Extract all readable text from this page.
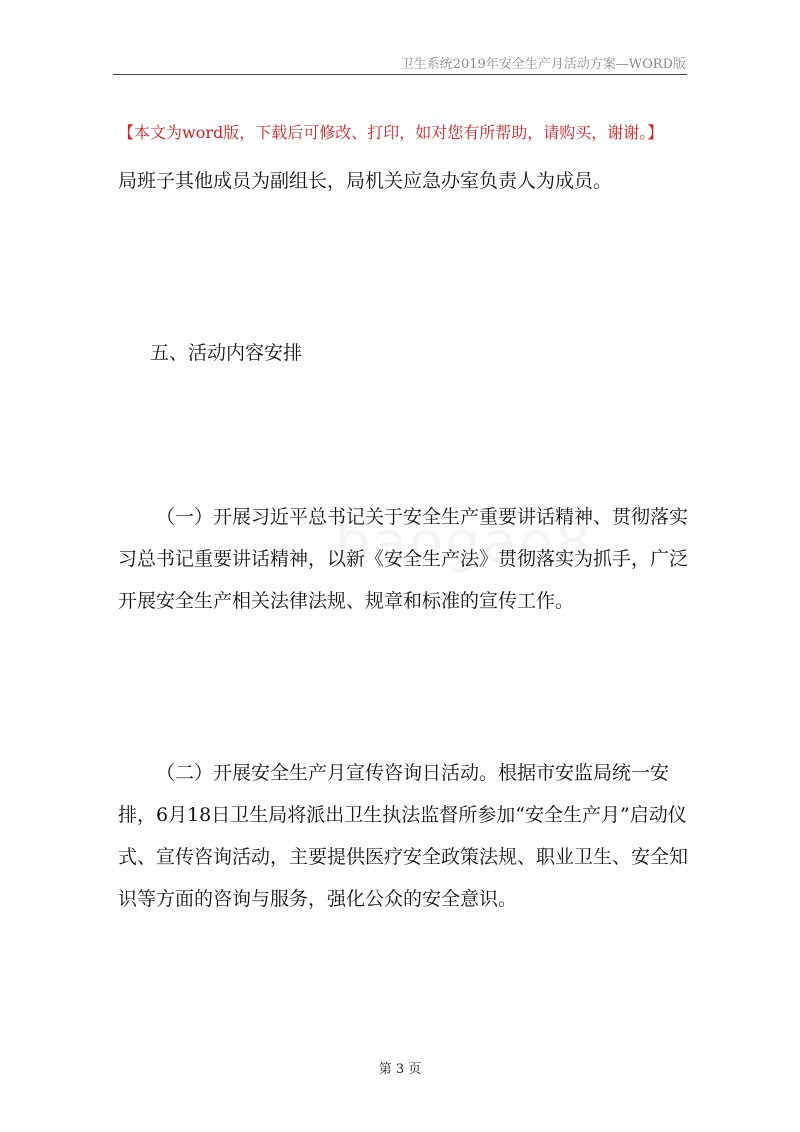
卫生系统2019年安全生产月活动方案—WORD版
【本文为word版，下载后可修改、打印，如对您有所帮助，请购买，谢谢。】

局班子其他成员为副组长，局机关应急办室负责人为成员。

五、活动内容安排

（一）开展习近平总书记关于安全生产重要讲话精神、贯彻落实习总书记重要讲话精神，以新《安全生产法》贯彻落实为抓手，广泛开展安全生产相关法律法规、规章和标准的宣传工作。

（二）开展安全生产月宣传咨询日活动。根据市安监局统一安排，6月18日卫生局将派出卫生执法监督所参加“安全生产月”启动仪式、宣传咨询活动，主要提供医疗安全政策法规、职业卫生、安全知识等方面的咨询与服务，强化公众的安全意识。

第 3 页
